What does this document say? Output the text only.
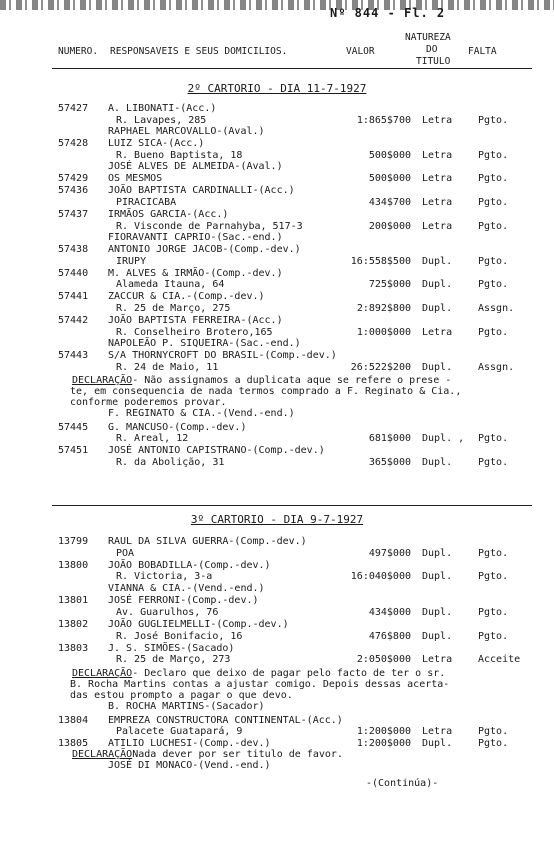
Nº 844 - Fl. 2
NUMERO. RESPONSAVEIS E SEUS DOMICILIOS.	VALOR
NATUREZA
DO
TITULO
FALTA
2º CARTORIO - DIA 11-7-1927
57427 A. LIBONATI-(Acc.)
R. Lavapes, 285	1:865$700 Letra	Pgto.
RAPHAEL MARCOVALLO-(Aval.)
57428 LUIZ SICA-(Acc.)
R. Bueno Baptista, 18	500$000 Letra	Pgto.
JOSÉ ALVES DE ALMEIDA-(Aval.)
57429 OS MESMOS	500$000 Letra	Pgto.
57436 JOÃO BAPTISTA CARDINALLI-(Acc.)
PIRACICABA	434$700 Letra	Pgto.
57437 IRMÃOS GARCIA-(Acc.)
R. Visconde de Parnahyba, 517-3	200$000 Letra	Pgto.
FIORAVANTI CAPRIO-(Sac.-end.)
57438 ANTONIO JORGE JACOB-(Comp.-dev.)
IRUPY	16:558$500 Dupl.	Pgto.
57440 M. ALVES & IRMÃO-(Comp.-dev.)
Alameda Itauna, 64	725$000 Dupl.	Pgto.
57441 ZACCUR & CIA.-(Comp.-dev.)
R. 25 de Março, 275	2:892$800 Dupl.	Assgn.
57442 JOÃO BAPTISTA FERREIRA-(Acc.)
R. Conselheiro Brotero,165	1:000$000 Letra	Pgto.
NAPOLEÃO P. SIQUEIRA-(Sac.-end.)
57443 S/A THORNYCROFT DO BRASIL-(Comp.-dev.)
R. 24 de Maio, 11	26:522$200 Dupl.	Assgn.
DECLARAÇÃO- Não assignamos a duplicata aque se refere o prese -
te, em consequencia de nada termos comprado a F. Reginato & Cia.,
conforme poderemos provar.
F. REGINATO & CIA.-(Vend.-end.)
57445 G. MANCUSO-(Comp.-dev.)
R. Areal, 12	681$000 Dupl. , Pgto.
57451 JOSÉ ANTONIO CAPISTRANO-(Comp.-dev.)
R. da Abolição, 31	365$000 Dupl.	Pgto.
3º CARTORIO - DIA 9-7-1927
13799 RAUL DA SILVA GUERRA-(Comp.-dev.)
POA	497$000 Dupl.	Pgto.
13800 JOÃO BOBADILLA-(Comp.-dev.)
R. Victoria, 3-a	16:040$000 Dupl.	Pgto.
VIANNA & CIA.-(Vend.-end.)
13801 JOSÉ FERRONI-(Comp.-dev.)
Av. Guarulhos, 76	434$000 Dupl.	Pgto.
13802 JOÃO GUGLIELMELLI-(Comp.-dev.)
R. José Bonifacio, 16	476$800 Dupl.	Pgto.
13803 J. S. SIMÕES-(Sacado)
R. 25 de Março, 273	2:050$000 Letra	Acceite
DECLARAÇÃO- Declaro que deixo de pagar pelo facto de ter o sr.
B. Rocha Martins contas a ajustar comigo. Depois dessas acerta-
das estou prompto a pagar o que devo.
B. ROCHA MARTINS-(Sacador)
13804 EMPREZA CONSTRUCTORA CONTINENTAL-(Acc.)
Palacete Guatapará, 9	1:200$000 Letra	Pgto.
13805 ATILIO LUCHESI-(Comp.-dev.)	1:200$000 Dupl.	Pgto.
DECLARAÇÃONada dever por ser titulo de favor.
JOSÉ DI MONACO-(Vend.-end.)
-(Continúa)-
